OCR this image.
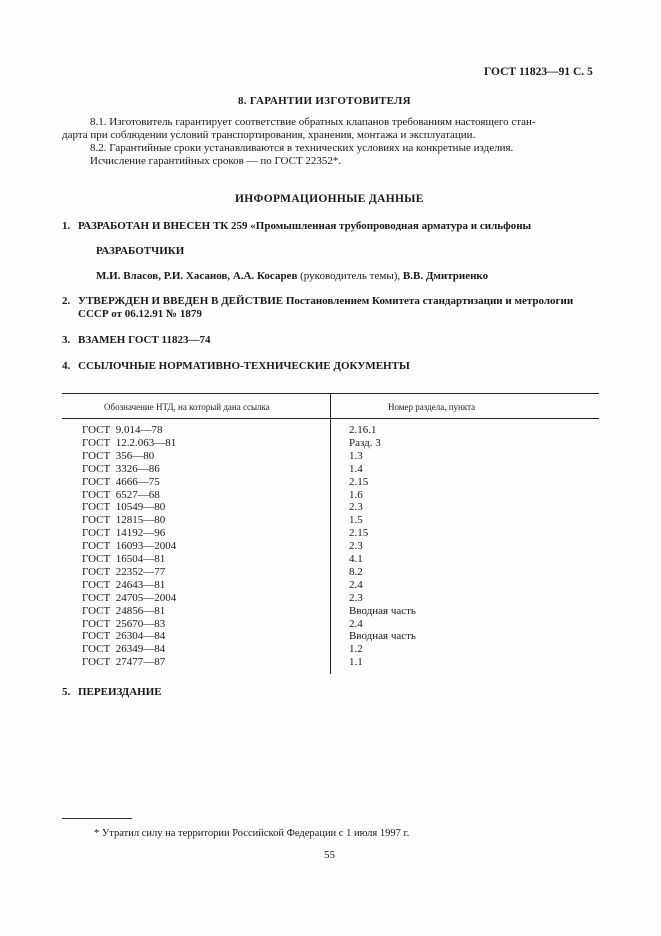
ГОСТ 11823—91 С. 5
8. ГАРАНТИИ ИЗГОТОВИТЕЛЯ
8.1. Изготовитель гарантирует соответствие обратных клапанов требованиям настоящего стан-
дарта при соблюдении условий транспортирования, хранения, монтажа и эксплуатации.
8.2. Гарантийные сроки устанавливаются в технических условиях на конкретные изделия.
Исчисление гарантийных сроков — по ГОСТ 22352*.
ИНФОРМАЦИОННЫЕ ДАННЫЕ
1. РАЗРАБОТАН И ВНЕСЕН ТК 259 «Промышленная трубопроводная арматура и сильфоны
РАЗРАБОТЧИКИ
М.И. Власов, Р.И. Хасанов, А.А. Косарев (руководитель темы), В.В. Дмитриенко
2. УТВЕРЖДЕН И ВВЕДЕН В ДЕЙСТВИЕ Постановлением Комитета стандартизации и метрологии
СССР от 06.12.91 № 1879
3. ВЗАМЕН ГОСТ 11823—74
4. ССЫЛОЧНЫЕ НОРМАТИВНО-ТЕХНИЧЕСКИЕ ДОКУМЕНТЫ
Обозначение НТД, на который дана ссылка	Номер раздела, пункта
ГОСТ  9.014—78	2.16.1
ГОСТ  12.2.063—81	Разд. 3
ГОСТ  356—80	1.3
ГОСТ  3326—86	1.4
ГОСТ  4666—75	2.15
ГОСТ  6527—68	1.6
ГОСТ  10549—80	2.3
ГОСТ  12815—80	1.5
ГОСТ  14192—96	2.15
ГОСТ  16093—2004	2.3
ГОСТ  16504—81	4.1
ГОСТ  22352—77	8.2
ГОСТ  24643—81	2.4
ГОСТ  24705—2004	2.3
ГОСТ  24856—81	Вводная часть
ГОСТ  25670—83	2.4
ГОСТ  26304—84	Вводная часть
ГОСТ  26349—84	1.2
ГОСТ  27477—87	1.1
5. ПЕРЕИЗДАНИЕ
* Утратил силу на территории Российской Федерации с 1 июля 1997 г.
55
